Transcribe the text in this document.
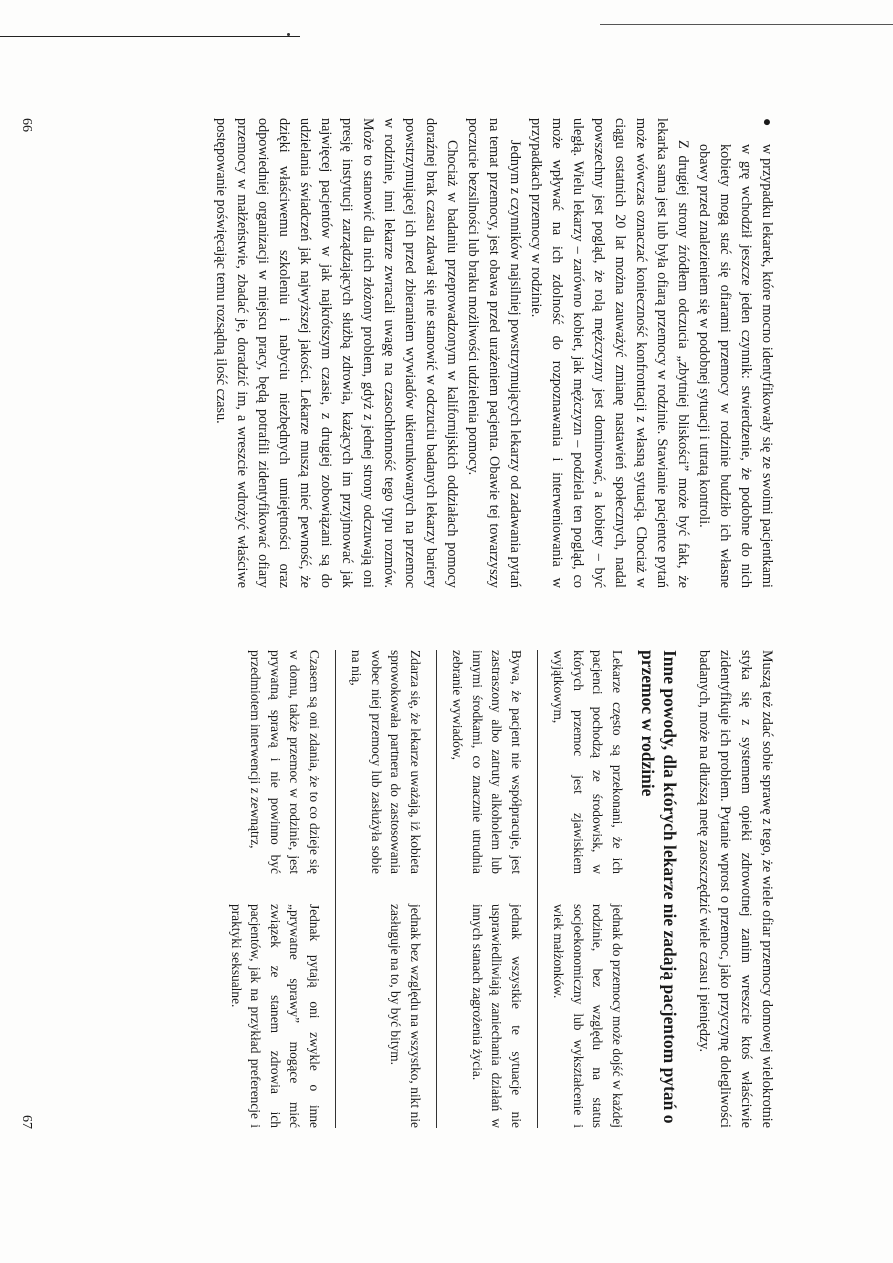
●
w przypadku lekarek, które mocno identyfikowały się ze swoimi pacjentkami w grę wchodził jeszcze jeden czynnik: stwierdzenie, że podobne do nich kobiety mogą stać się ofiarami przemocy w rodzinie budziło ich własne obawy przed znalezieniem się w podobnej sytuacji i utratą kontroli.

Z drugiej strony źródłem odczucia „zbytniej bliskości” może być fakt, że lekarka sama jest lub była ofiarą przemocy w rodzinie. Stawianie pacjentce pytań może wówczas oznaczać konieczność konfrontacji z własną sytuacją. Chociaż w ciągu ostatnich 20 lat można zauważyć zmianę nastawień społecznych, nadal powszechny jest pogląd, że rolą mężczyzny jest dominować, a kobiety – być uległą. Wielu lekarzy – zarówno kobiet, jak mężczyzn – podziela ten pogląd, co może wpływać na ich zdolność do rozpoznawania i interweniowania w przypadkach przemocy w rodzinie.

Jednym z czynników najsilniej powstrzymujących lekarzy od zadawania pytań na temat przemocy, jest obawa przed urażeniem pacjenta. Obawie tej towarzyszy poczucie bezsilności lub braku możliwości udzielenia pomocy.

Chociaż w badaniu przeprowadzonym w kalifornijskich oddziałach pomocy doraźnej brak czasu zdawał się nie stanowić w odczuciu badanych lekarzy bariery powstrzymującej ich przed zbieraniem wywiadów ukierunkowanych na przemoc w rodzinie, inni lekarze zwracali uwagę na czasochłonność tego typu rozmów. Może to stanowić dla nich złożony problem, gdyż z jednej strony odczuwają oni presję instytucji zarządzających służbą zdrowia, każących im przyjmować jak najwięcej pacjentów w jak najkrótszym czasie, z drugiej zobowiązani są do udzielania świadczeń jak najwyższej jakości. Lekarze muszą mieć pewność, że dzięki właściwemu szkoleniu i nabyciu niezbędnych umiejętności oraz odpowiedniej organizacji w miejscu pracy, będą potrafili zidentyfikować ofiary przemocy w małżeństwie, zbadać je, doradzić im, a wreszcie wdrożyć właściwe postępowanie poświęcając temu rozsądną ilość czasu.

66

Muszą też zdać sobie sprawę z tego, że wiele ofiar przemocy domowej wielokrotnie styka się z systemem opieki zdrowotnej zanim wreszcie ktoś właściwie zidentyfikuje ich problem. Pytanie wprost o przemoc, jako przyczynę dolegliwości badanych, może na dłuższą metę zaoszczędzić wiele czasu i pieniędzy.

Inne powody, dla których lekarze nie zadają pacjentom pytań o przemoc w rodzinie
Lekarze często są przekonani, że ich pacjenci pochodzą ze środowisk, w których przemoc jest zjawiskiem wyjątkowym,
jednak do przemocy może dojść w każdej rodzinie, bez względu na status socjoekonomiczny lub wykształcenie i wiek małżonków.
Bywa, że pacjent nie współpracuje, jest zastraszony albo zatruty alkoholem lub innymi środkami, co znacznie utrudnia zebranie wywiadów,
jednak wszystkie te sytuacje nie usprawiedliwiają zaniechania działań w innych stanach zagrożenia życia.
Zdarza się, że lekarze uważają, iż kobieta sprowokowała partnera do zastosowania wobec niej przemocy lub zasłużyła sobie na nią,
jednak bez względu na wszystko, nikt nie zasługuje na to, by być bitym.
Czasem są oni zdania, że to co dzieje się w domu, także przemoc w rodzinie, jest prywatną sprawą i nie powinno być przedmiotem interwencji z zewnątrz,
Jednak pytają oni zwykle o inne „prywatne sprawy” mogące mieć związek ze stanem zdrowia ich pacjentów, jak na przykład preferencje i praktyki seksualne.
67
